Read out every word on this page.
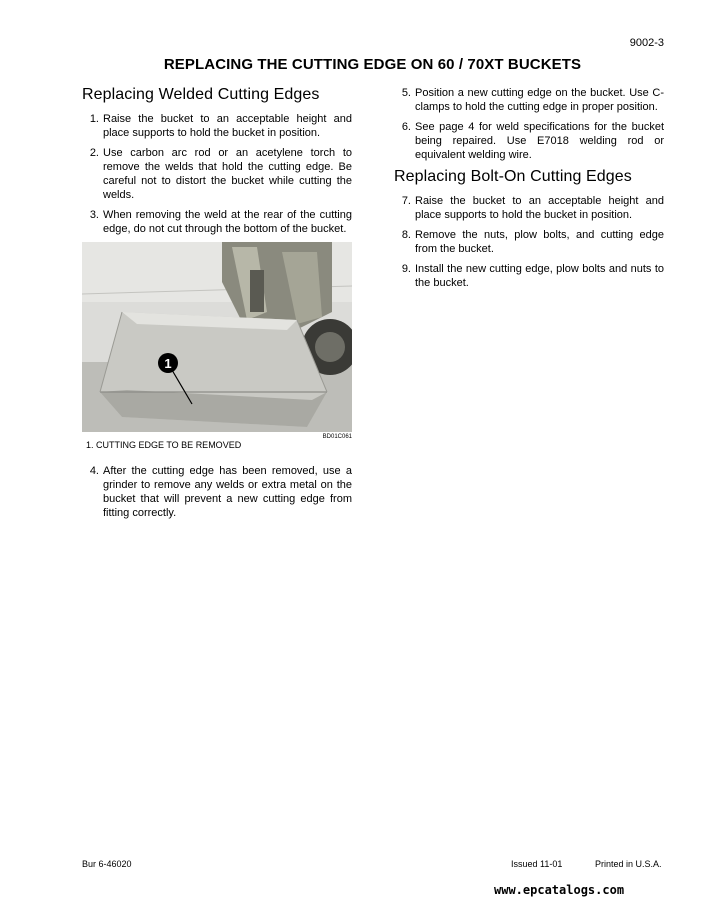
9002-3
REPLACING THE CUTTING EDGE ON 60 / 70XT BUCKETS
Replacing Welded Cutting Edges
1. Raise the bucket to an acceptable height and place supports to hold the bucket in position.
2. Use carbon arc rod or an acetylene torch to remove the welds that hold the cutting edge. Be careful not to distort the bucket while cutting the welds.
3. When removing the weld at the rear of the cutting edge, do not cut through the bottom of the bucket.
1
BD01C061
1. CUTTING EDGE TO BE REMOVED
4. After the cutting edge has been removed, use a grinder to remove any welds or extra metal on the bucket that will prevent a new cutting edge from fitting correctly.
5. Position a new cutting edge on the bucket. Use C-clamps to hold the cutting edge in proper position.
6. See page 4 for weld specifications for the bucket being repaired. Use E7018 welding rod or equivalent welding wire.
Replacing Bolt-On Cutting Edges
7. Raise the bucket to an acceptable height and place supports to hold the bucket in position.
8. Remove the nuts, plow bolts, and cutting edge from the bucket.
9. Install the new cutting edge, plow bolts and nuts to the bucket.
Bur 6-46020	Issued 11-01	Printed in U.S.A.
www.epcatalogs.com
